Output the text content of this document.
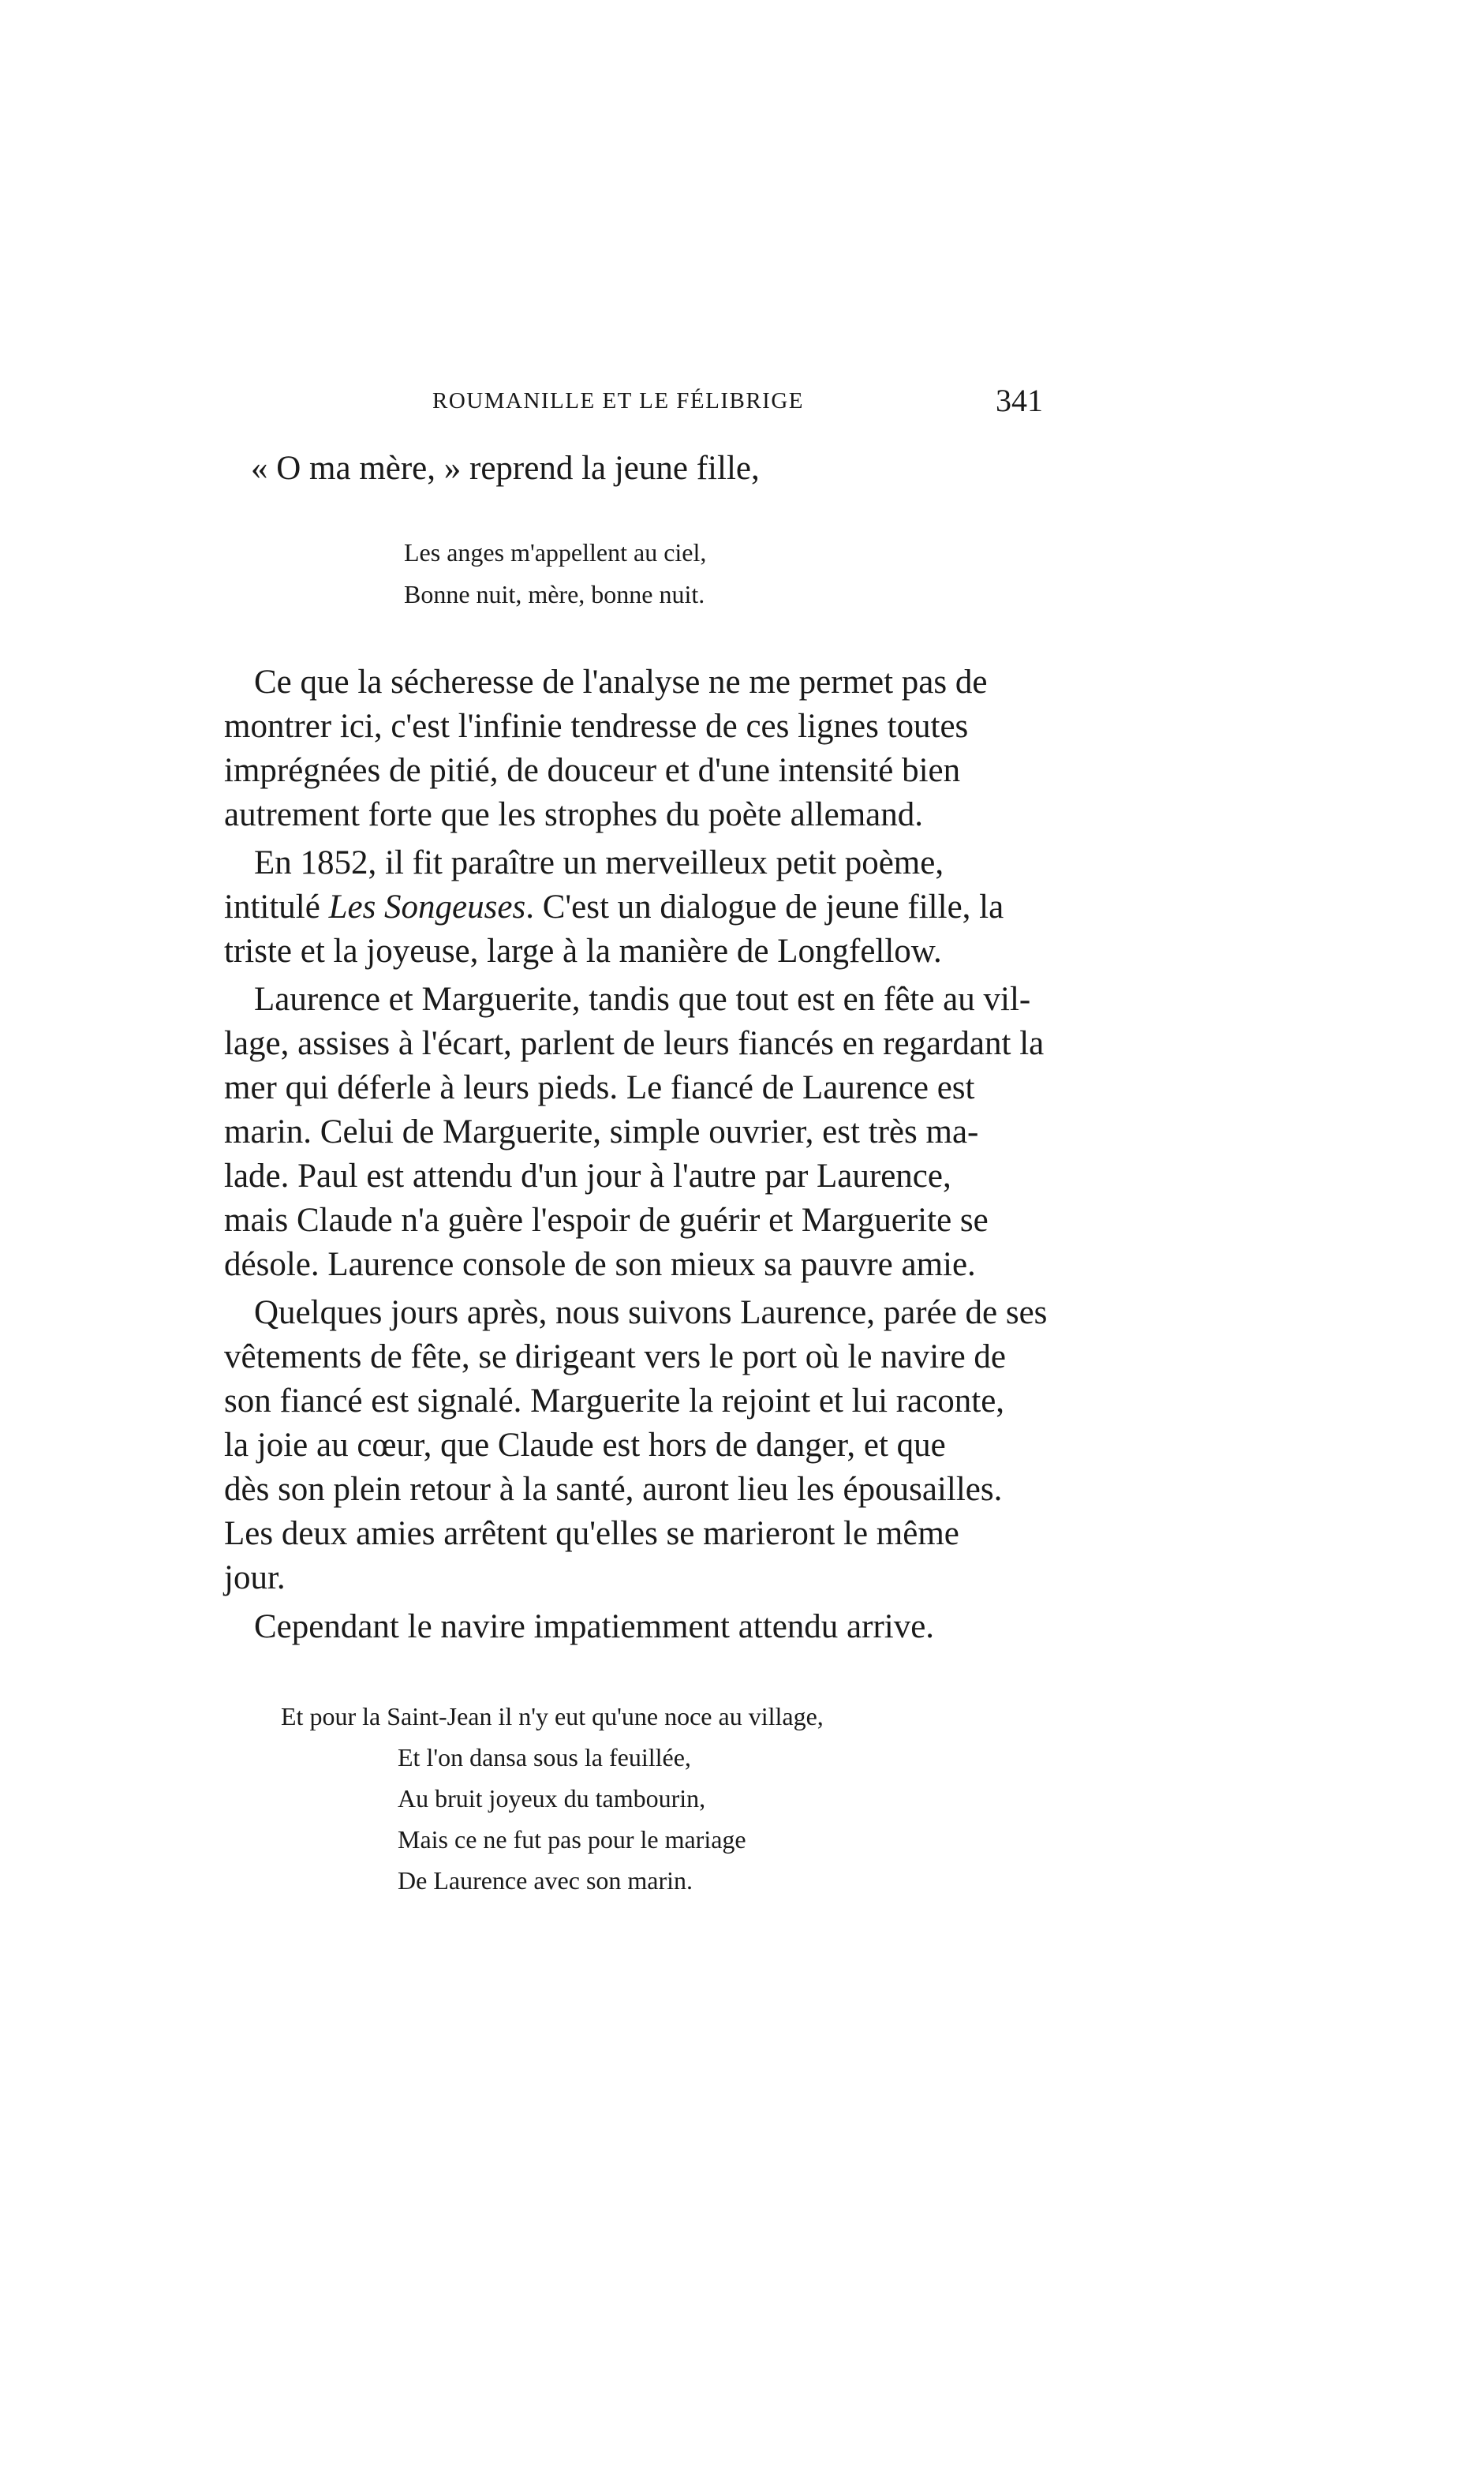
ROUMANILLE ET LE FÉLIBRIGE	341
« O ma mère, » reprend la jeune fille,
Les anges m'appellent au ciel,
Bonne nuit, mère, bonne nuit.
Ce que la sécheresse de l'analyse ne me permet pas de
montrer ici, c'est l'infinie tendresse de ces lignes toutes
imprégnées de pitié, de douceur et d'une intensité bien
autrement forte que les strophes du poète allemand.
En 1852, il fit paraître un merveilleux petit poème,
intitulé Les Songeuses. C'est un dialogue de jeune fille, la
triste et la joyeuse, large à la manière de Longfellow.
Laurence et Marguerite, tandis que tout est en fête au vil-
lage, assises à l'écart, parlent de leurs fiancés en regardant la
mer qui déferle à leurs pieds. Le fiancé de Laurence est
marin. Celui de Marguerite, simple ouvrier, est très ma-
lade. Paul est attendu d'un jour à l'autre par Laurence,
mais Claude n'a guère l'espoir de guérir et Marguerite se
désole. Laurence console de son mieux sa pauvre amie.
Quelques jours après, nous suivons Laurence, parée de ses
vêtements de fête, se dirigeant vers le port où le navire de
son fiancé est signalé. Marguerite la rejoint et lui raconte,
la joie au cœur, que Claude est hors de danger, et que
dès son plein retour à la santé, auront lieu les épousailles.
Les deux amies arrêtent qu'elles se marieront le même
jour.
Cependant le navire impatiemment attendu arrive.
Et pour la Saint-Jean il n'y eut qu'une noce au village,
Et l'on dansa sous la feuillée,
Au bruit joyeux du tambourin,
Mais ce ne fut pas pour le mariage
De Laurence avec son marin.
